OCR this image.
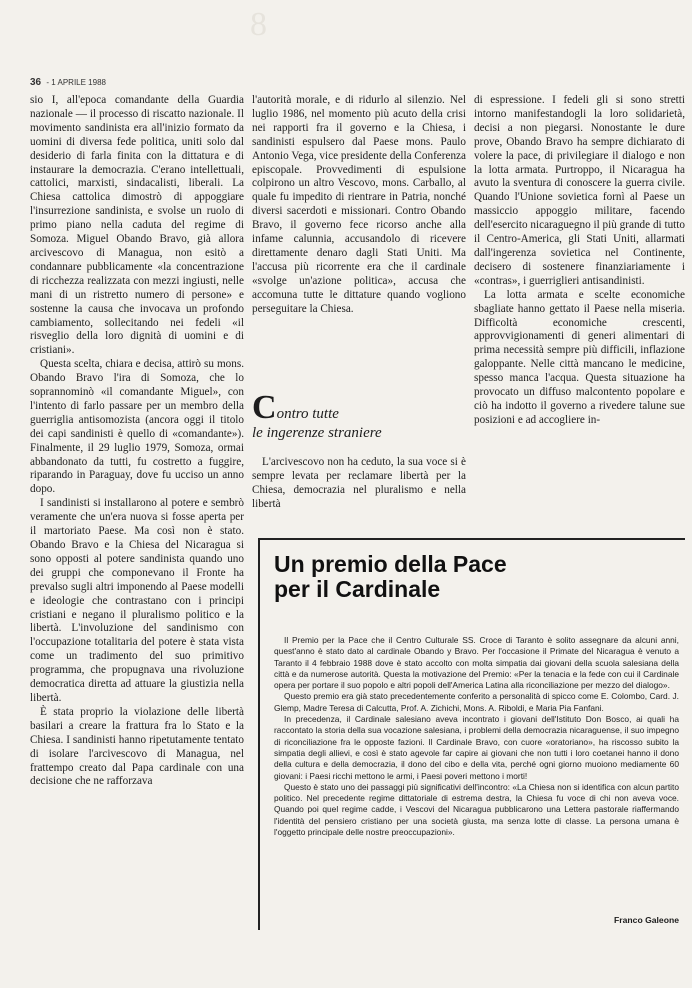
8
36 - 1 APRILE 1988

sio I, all'epoca comandante della Guardia nazionale — il processo di riscatto nazionale. Il movimento sandinista era all'inizio formato da uomini di diversa fede politica, uniti solo dal desiderio di farla finita con la dittatura e di instaurare la democrazia. C'erano intellettuali, cattolici, marxisti, sindacalisti, liberali. La Chiesa cattolica dimostrò di appoggiare l'insurrezione sandinista, e svolse un ruolo di primo piano nella caduta del regime di Somoza. Miguel Obando Bravo, già allora arcivescovo di Managua, non esitò a condannare pubblicamente «la concentrazione di ricchezza realizzata con mezzi ingiusti, nelle mani di un ristretto numero di persone» e sostenne la causa che invocava un profondo cambiamento, sollecitando nei fedeli «il risveglio della loro dignità di uomini e di cristiani».

Questa scelta, chiara e decisa, attirò su mons. Obando Bravo l'ira di Somoza, che lo soprannominò «il comandante Miguel», con l'intento di farlo passare per un membro della guerriglia antisomozista (ancora oggi il titolo dei capi sandinisti è quello di «comandante»). Finalmente, il 29 luglio 1979, Somoza, ormai abbandonato da tutti, fu costretto a fuggire, riparando in Paraguay, dove fu ucciso un anno dopo.

I sandinisti si installarono al potere e sembrò veramente che un'era nuova si fosse aperta per il martoriato Paese. Ma così non è stato. Obando Bravo e la Chiesa del Nicaragua si sono opposti al potere sandinista quando uno dei gruppi che componevano il Fronte ha prevalso sugli altri imponendo al Paese modelli e ideologie che contrastano con i principi cristiani e negano il pluralismo politico e la libertà. L'involuzione del sandinismo con l'occupazione totalitaria del potere è stata vista come un tradimento del suo primitivo programma, che propugnava una rivoluzione democratica diretta ad attuare la giustizia nella libertà.

È stata proprio la violazione delle libertà basilari a creare la frattura fra lo Stato e la Chiesa. I sandinisti hanno ripetutamente tentato di isolare l'arcivescovo di Managua, nel frattempo creato dal Papa cardinale con una decisione che ne rafforzava

l'autorità morale, e di ridurlo al silenzio. Nel luglio 1986, nel momento più acuto della crisi nei rapporti fra il governo e la Chiesa, i sandinisti espulsero dal Paese mons. Paulo Antonio Vega, vice presidente della Conferenza episcopale. Provvedimenti di espulsione colpirono un altro Vescovo, mons. Carballo, al quale fu impedito di rientrare in Patria, nonché diversi sacerdoti e missionari. Contro Obando Bravo, il governo fece ricorso anche alla infame calunnia, accusandolo di ricevere direttamente denaro dagli Stati Uniti. Ma l'accusa più ricorrente era che il cardinale «svolge un'azione politica», accusa che accomuna tutte le dittature quando vogliono perseguitare la Chiesa.

Contro tutte
le ingerenze straniere

L'arcivescovo non ha ceduto, la sua voce si è sempre levata per reclamare libertà per la Chiesa, democrazia nel pluralismo e nella libertà

di espressione. I fedeli gli si sono stretti intorno manifestandogli la loro solidarietà, decisi a non piegarsi. Nonostante le dure prove, Obando Bravo ha sempre dichiarato di volere la pace, di privilegiare il dialogo e non la lotta armata. Purtroppo, il Nicaragua ha avuto la sventura di conoscere la guerra civile. Quando l'Unione sovietica fornì al Paese un massiccio appoggio militare, facendo dell'esercito nicaraguegno il più grande di tutto il Centro-America, gli Stati Uniti, allarmati dall'ingerenza sovietica nel Continente, decisero di sostenere finanziariamente i «contras», i guerriglieri antisandinisti.

La lotta armata e scelte economiche sbagliate hanno gettato il Paese nella miseria. Difficoltà economiche crescenti, approvvigionamenti di generi alimentari di prima necessità sempre più difficili, inflazione galoppante. Nelle città mancano le medicine, spesso manca l'acqua. Questa situazione ha provocato un diffuso malcontento popolare e ciò ha indotto il governo a rivedere talune sue posizioni e ad accogliere in-

Un premio della Pace
per il Cardinale

Il Premio per la Pace che il Centro Culturale SS. Croce di Taranto è solito assegnare da alcuni anni, quest'anno è stato dato al cardinale Obando y Bravo. Per l'occasione il Primate del Nicaragua è venuto a Taranto il 4 febbraio 1988 dove è stato accolto con molta simpatia dai giovani della scuola salesiana della città e da numerose autorità. Questa la motivazione del Premio: «Per la tenacia e la fede con cui il Cardinale opera per portare il suo popolo e altri popoli dell'America Latina alla riconciliazione per mezzo del dialogo».

Questo premio era già stato precedentemente conferito a personalità di spicco come E. Colombo, Card. J. Glemp, Madre Teresa di Calcutta, Prof. A. Zichichi, Mons. A. Riboldi, e Maria Pia Fanfani.

In precedenza, il Cardinale salesiano aveva incontrato i giovani dell'Istituto Don Bosco, ai quali ha raccontato la storia della sua vocazione salesiana, i problemi della democrazia nicaraguense, il suo impegno di riconciliazione fra le opposte fazioni. Il Cardinale Bravo, con cuore «oratoriano», ha riscosso subito la simpatia degli allievi, e così è stato agevole far capire ai giovani che non tutti i loro coetanei hanno il dono della cultura e della democrazia, il dono del cibo e della vita, perché ogni giorno muoiono mediamente 60 giovani: i Paesi ricchi mettono le armi, i Paesi poveri mettono i morti!

Questo è stato uno dei passaggi più significativi dell'incontro: «La Chiesa non si identifica con alcun partito politico. Nel precedente regime dittatoriale di estrema destra, la Chiesa fu voce di chi non aveva voce. Quando poi quel regime cadde, i Vescovi del Nicaragua pubblicarono una Lettera pastorale riaffermando l'identità del pensiero cristiano per una società giusta, ma senza lotte di classe. La persona umana è l'oggetto principale delle nostre preoccupazioni».

Franco Galeone
